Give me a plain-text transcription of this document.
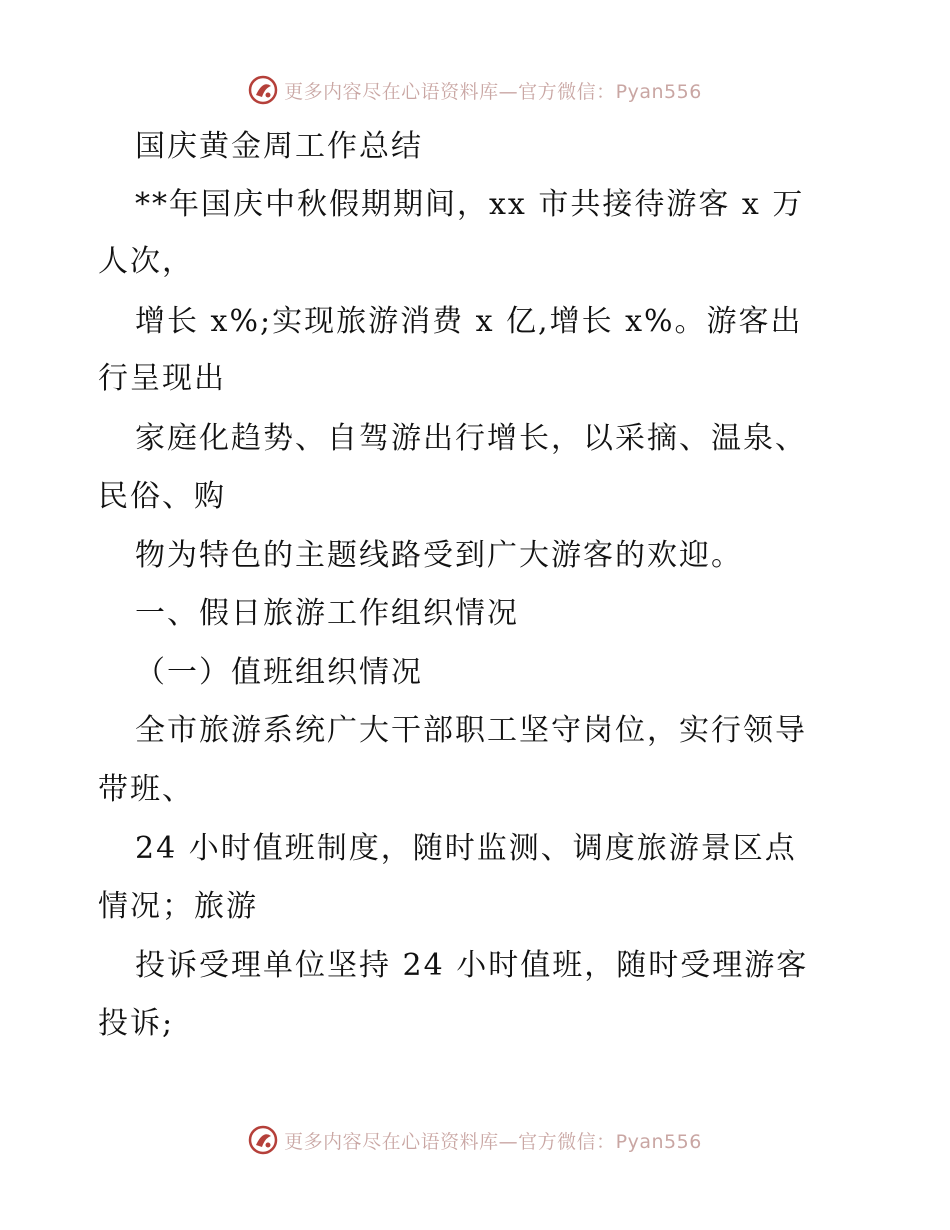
更多内容尽在心语资料库—官方微信：Pyan556
国庆黄金周工作总结
**年国庆中秋假期期间，xx 市共接待游客 x 万
人次，
增长 x%;实现旅游消费 x 亿,增长 x%。游客出
行呈现出
家庭化趋势、自驾游出行增长，以采摘、温泉、
民俗、购
物为特色的主题线路受到广大游客的欢迎。
一、假日旅游工作组织情况
（一）值班组织情况
全市旅游系统广大干部职工坚守岗位，实行领导
带班、
24 小时值班制度，随时监测、调度旅游景区点
情况；旅游
投诉受理单位坚持 24 小时值班，随时受理游客
投诉;
更多内容尽在心语资料库—官方微信：Pyan556
